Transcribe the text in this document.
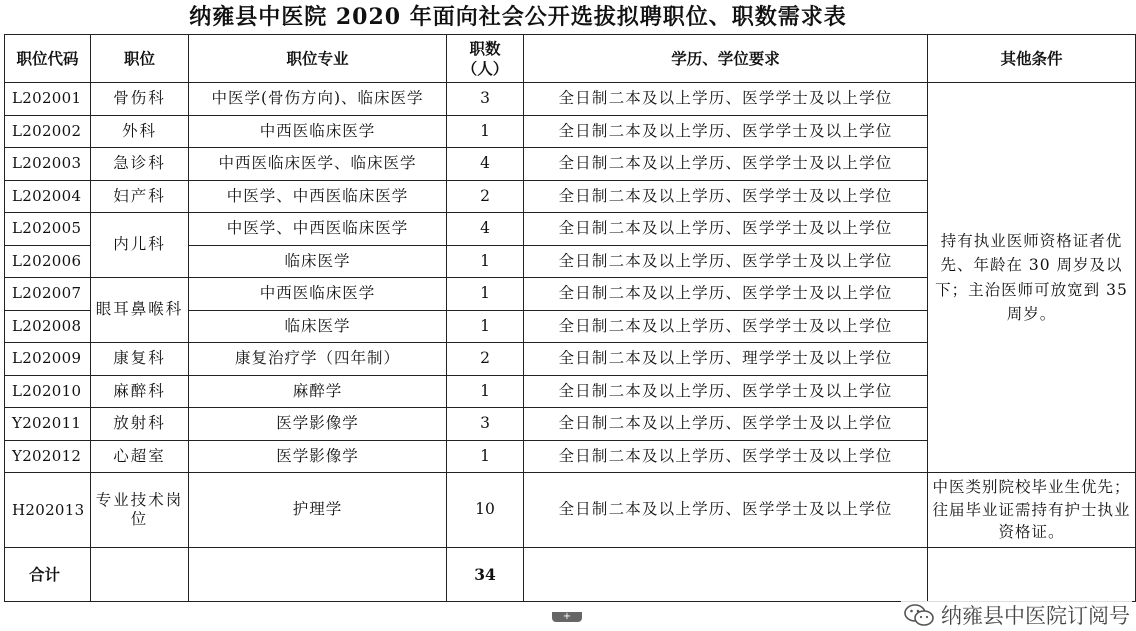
纳雍县中医院 2020 年面向社会公开选拔拟聘职位、职数需求表
职位代码	职位	职位专业	职数（人）	学历、学位要求	其他条件
L202001	骨伤科	中医学(骨伤方向)、临床医学	3	全日制二本及以上学历、医学学士及以上学位	持有执业医师资格证者优先、年龄在 30 周岁及以下；主治医师可放宽到 35 周岁。
L202002	外科	中西医临床医学	1	全日制二本及以上学历、医学学士及以上学位	
L202003	急诊科	中西医临床医学、临床医学	4	全日制二本及以上学历、医学学士及以上学位	
L202004	妇产科	中医学、中西医临床医学	2	全日制二本及以上学历、医学学士及以上学位	
L202005	内儿科	中医学、中西医临床医学	4	全日制二本及以上学历、医学学士及以上学位	
L202006		临床医学	1	全日制二本及以上学历、医学学士及以上学位	
L202007	眼耳鼻喉科	中西医临床医学	1	全日制二本及以上学历、医学学士及以上学位	
L202008		临床医学	1	全日制二本及以上学历、医学学士及以上学位	
L202009	康复科	康复治疗学（四年制）	2	全日制二本及以上学历、理学学士及以上学位	
L202010	麻醉科	麻醉学	1	全日制二本及以上学历、医学学士及以上学位	
Y202011	放射科	医学影像学	3	全日制二本及以上学历、医学学士及以上学位	
Y202012	心超室	医学影像学	1	全日制二本及以上学历、医学学士及以上学位	
H202013	专业技术岗位	护理学	10	全日制二本及以上学历、医学学士及以上学位	中医类别院校毕业生优先；往届毕业证需持有护士执业资格证。
合计			34		
+	纳雍县中医院订阅号
